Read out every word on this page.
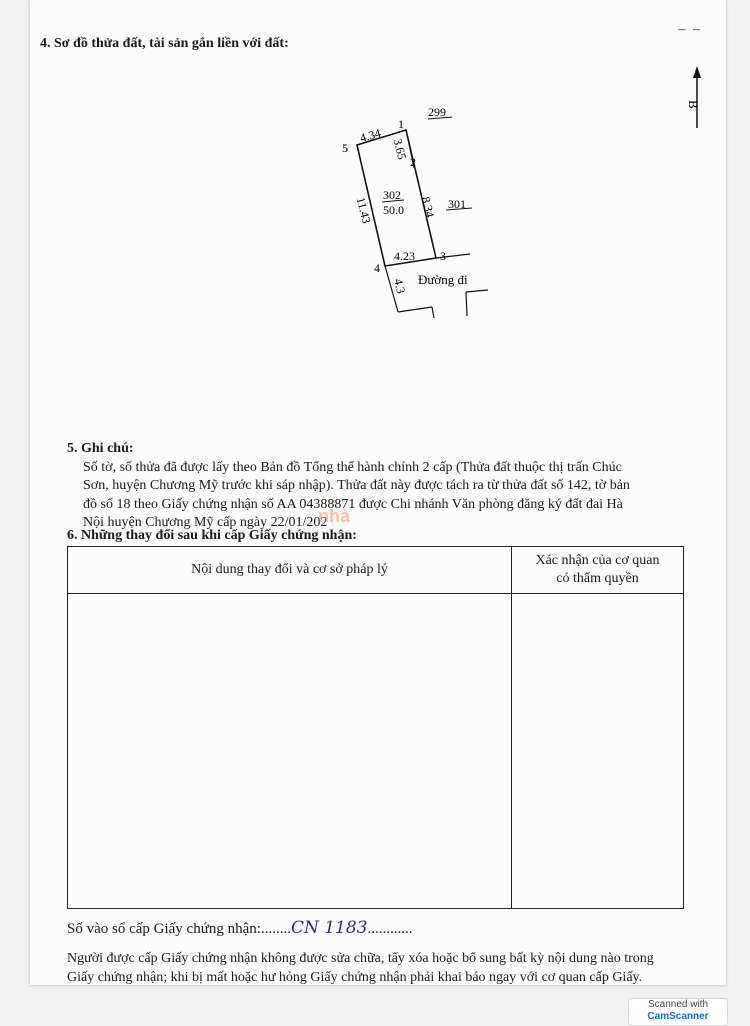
4. Sơ đồ thửa đất, tài sản gắn liền với đất:
– –
B
1
2
3
4
5
4.34
3.65
8.34
11.43
4.23
4.3
302
50.0
299
301
Đường đi
5. Ghi chú:
Số tờ, số thửa đã được lấy theo Bản đồ Tổng thể hành chính 2 cấp (Thửa đất thuộc thị trấn Chúc
Sơn, huyện Chương Mỹ trước khi sáp nhập). Thửa đất này được tách ra từ thửa đất số 142, tờ bản
đồ số 18 theo Giấy chứng nhận số AA 04388871 được Chi nhánh Văn phòng đăng ký đất đai Hà
Nội huyện Chương Mỹ cấp ngày 22/01/202
nhà
6. Những thay đổi sau khi cấp Giấy chứng nhận:
Nội dung thay đổi và cơ sở pháp lý	Xác nhận của cơ quan
có thẩm quyền

Số vào sổ cấp Giấy chứng nhận:........CN 1183............
Người được cấp Giấy chứng nhận không được sửa chữa, tẩy xóa hoặc bổ sung bất kỳ nội dung nào trong
Giấy chứng nhận; khi bị mất hoặc hư hỏng Giấy chứng nhận phải khai báo ngay với cơ quan cấp Giấy.
Scanned with
CamScanner
